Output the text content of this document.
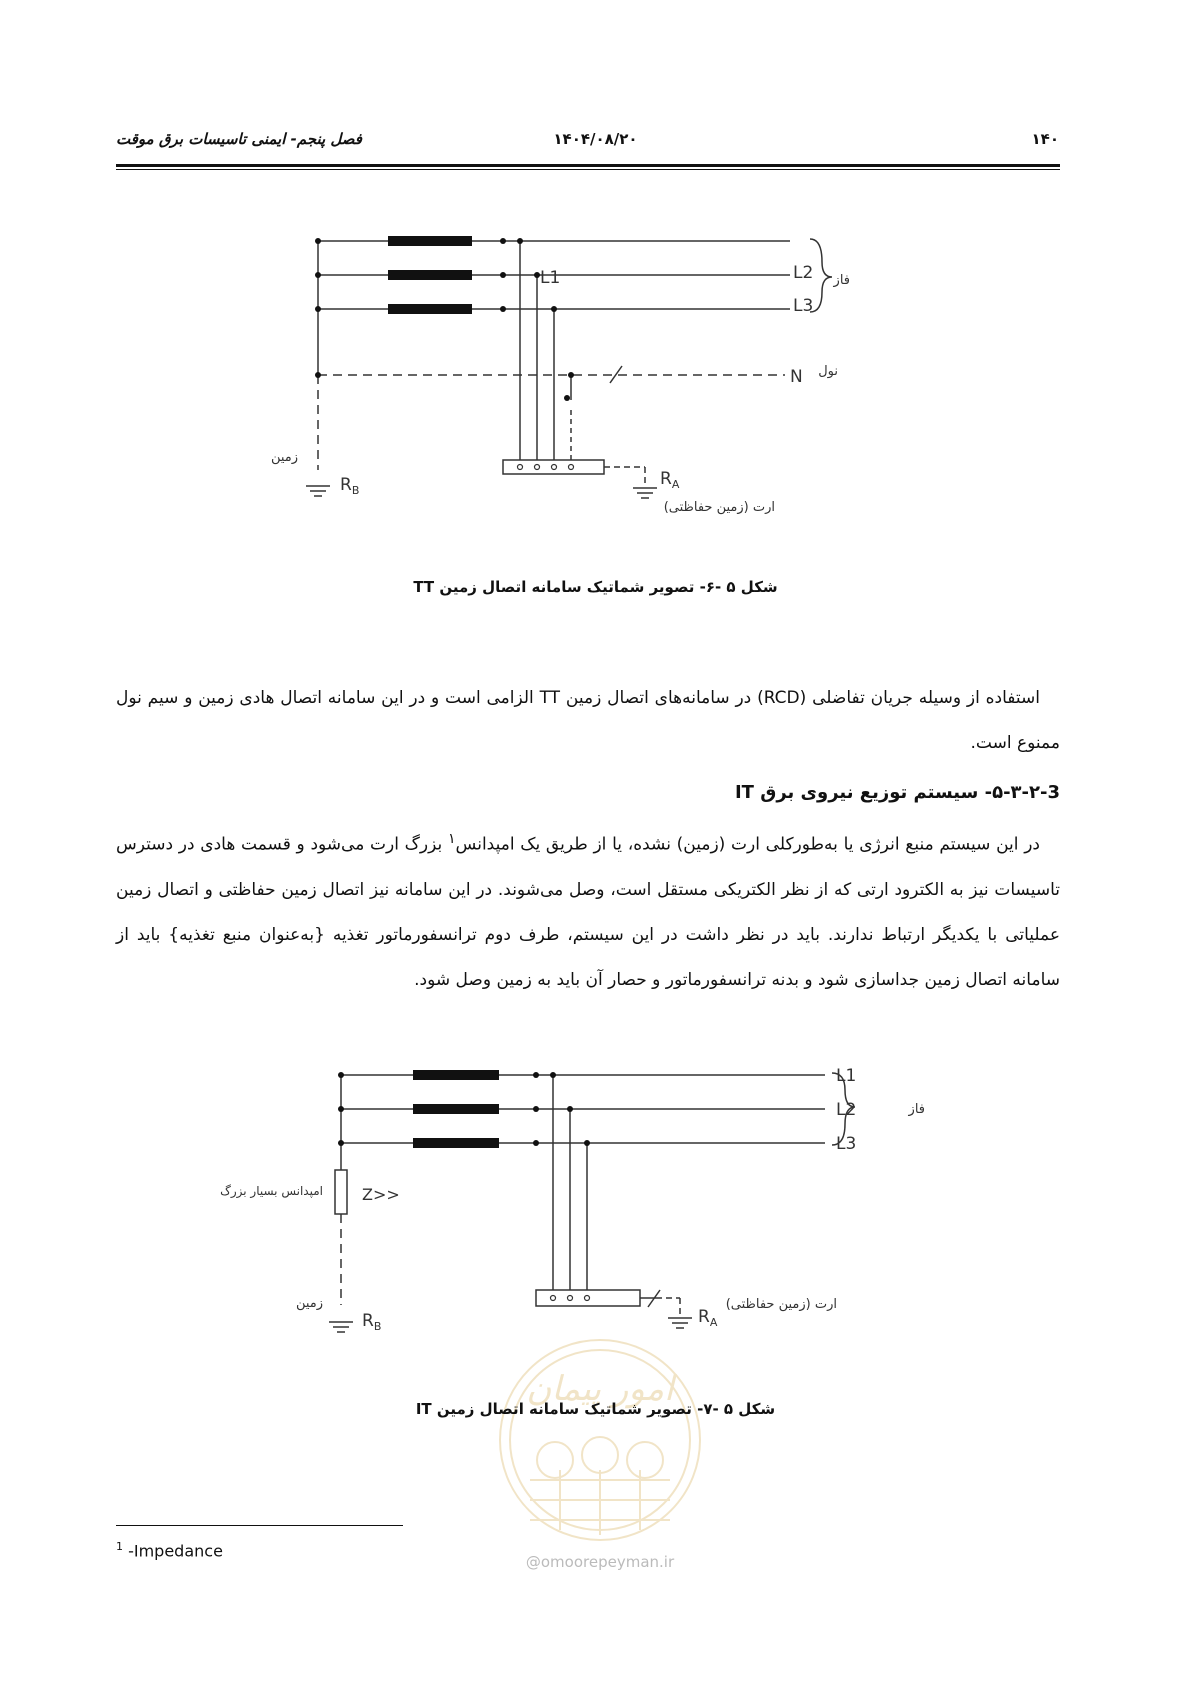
۱۴۰
۱۴۰۴/۰۸/۲۰
فصل پنجم- ایمنی تاسیسات برق موقت
L2
L1
L3
N
فاز
نول
زمین
$R_B$
$R_A$
ارت (زمین حفاظتی)
شکل ۵ -۶- تصویر شماتیک سامانه اتصال زمین TT
استفاده از وسیله جریان تفاضلی (RCD) در سامانه‌های اتصال زمین TT الزامی است و در این سامانه اتصال هادی زمین و سیم نول ممنوع است.
۵-۳-۲-3- سیستم توزیع نیروی برق IT
در این سیستم منبع انرژی یا به‌طورکلی ارت (زمین) نشده، یا از طریق یک امپدانس$^۱$ بزرگ ارت می‌شود و قسمت هادی در دسترس تاسیسات نیز به الکترود ارتی که از نظر الکتریکی مستقل است، وصل می‌شوند. در این سامانه نیز اتصال زمین حفاظتی و اتصال زمین عملیاتی با یکدیگر ارتباط ندارند. باید در نظر داشت در این سیستم، طرف دوم ترانسفورماتور تغذیه {به‌عنوان منبع تغذیه} باید از سامانه اتصال زمین جداسازی شود و بدنه ترانسفورماتور و حصار آن باید به زمین وصل شود.
L1
L2
L3
فاز
امپدانس بسیار بزرگ Z>>
زمین
$R_B$	$R_A$
ارت (زمین حفاظتی)
امور پیمان
@omoorepeyman.ir
شکل ۵ -۷- تصویر شماتیک سامانه اتصال زمین IT
$^1$ -Impedance
